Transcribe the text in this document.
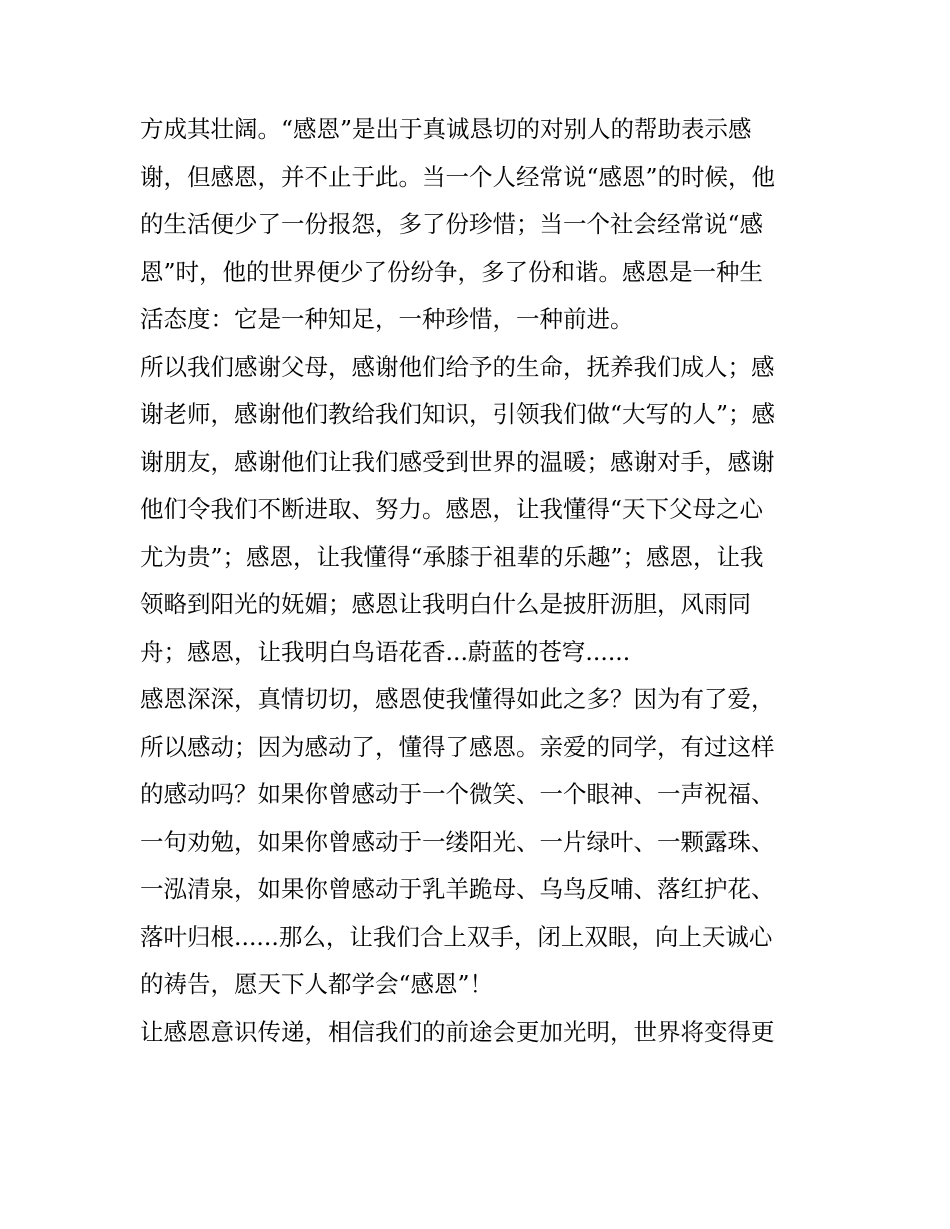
方成其壮阔。“感恩”是出于真诚恳切的对别人的帮助表示感
谢，但感恩，并不止于此。当一个人经常说“感恩”的时候，他
的生活便少了一份报怨，多了份珍惜；当一个社会经常说“感
恩”时，他的世界便少了份纷争，多了份和谐。感恩是一种生
活态度：它是一种知足，一种珍惜，一种前进。
所以我们感谢父母，感谢他们给予的生命，抚养我们成人；感
谢老师，感谢他们教给我们知识，引领我们做“大写的人”；感
谢朋友，感谢他们让我们感受到世界的温暖；感谢对手，感谢
他们令我们不断进取、努力。感恩，让我懂得“天下父母之心
尤为贵”；感恩，让我懂得“承膝于祖辈的乐趣”；感恩，让我
领略到阳光的妩媚；感恩让我明白什么是披肝沥胆，风雨同
舟；感恩，让我明白鸟语花香...蔚蓝的苍穹......
感恩深深，真情切切，感恩使我懂得如此之多？因为有了爱，
所以感动；因为感动了，懂得了感恩。亲爱的同学，有过这样
的感动吗？如果你曾感动于一个微笑、一个眼神、一声祝福、
一句劝勉，如果你曾感动于一缕阳光、一片绿叶、一颗露珠、
一泓清泉，如果你曾感动于乳羊跪母、乌鸟反哺、落红护花、
落叶归根......那么，让我们合上双手，闭上双眼，向上天诚心
的祷告，愿天下人都学会“感恩”！
让感恩意识传递，相信我们的前途会更加光明，世界将变得更
